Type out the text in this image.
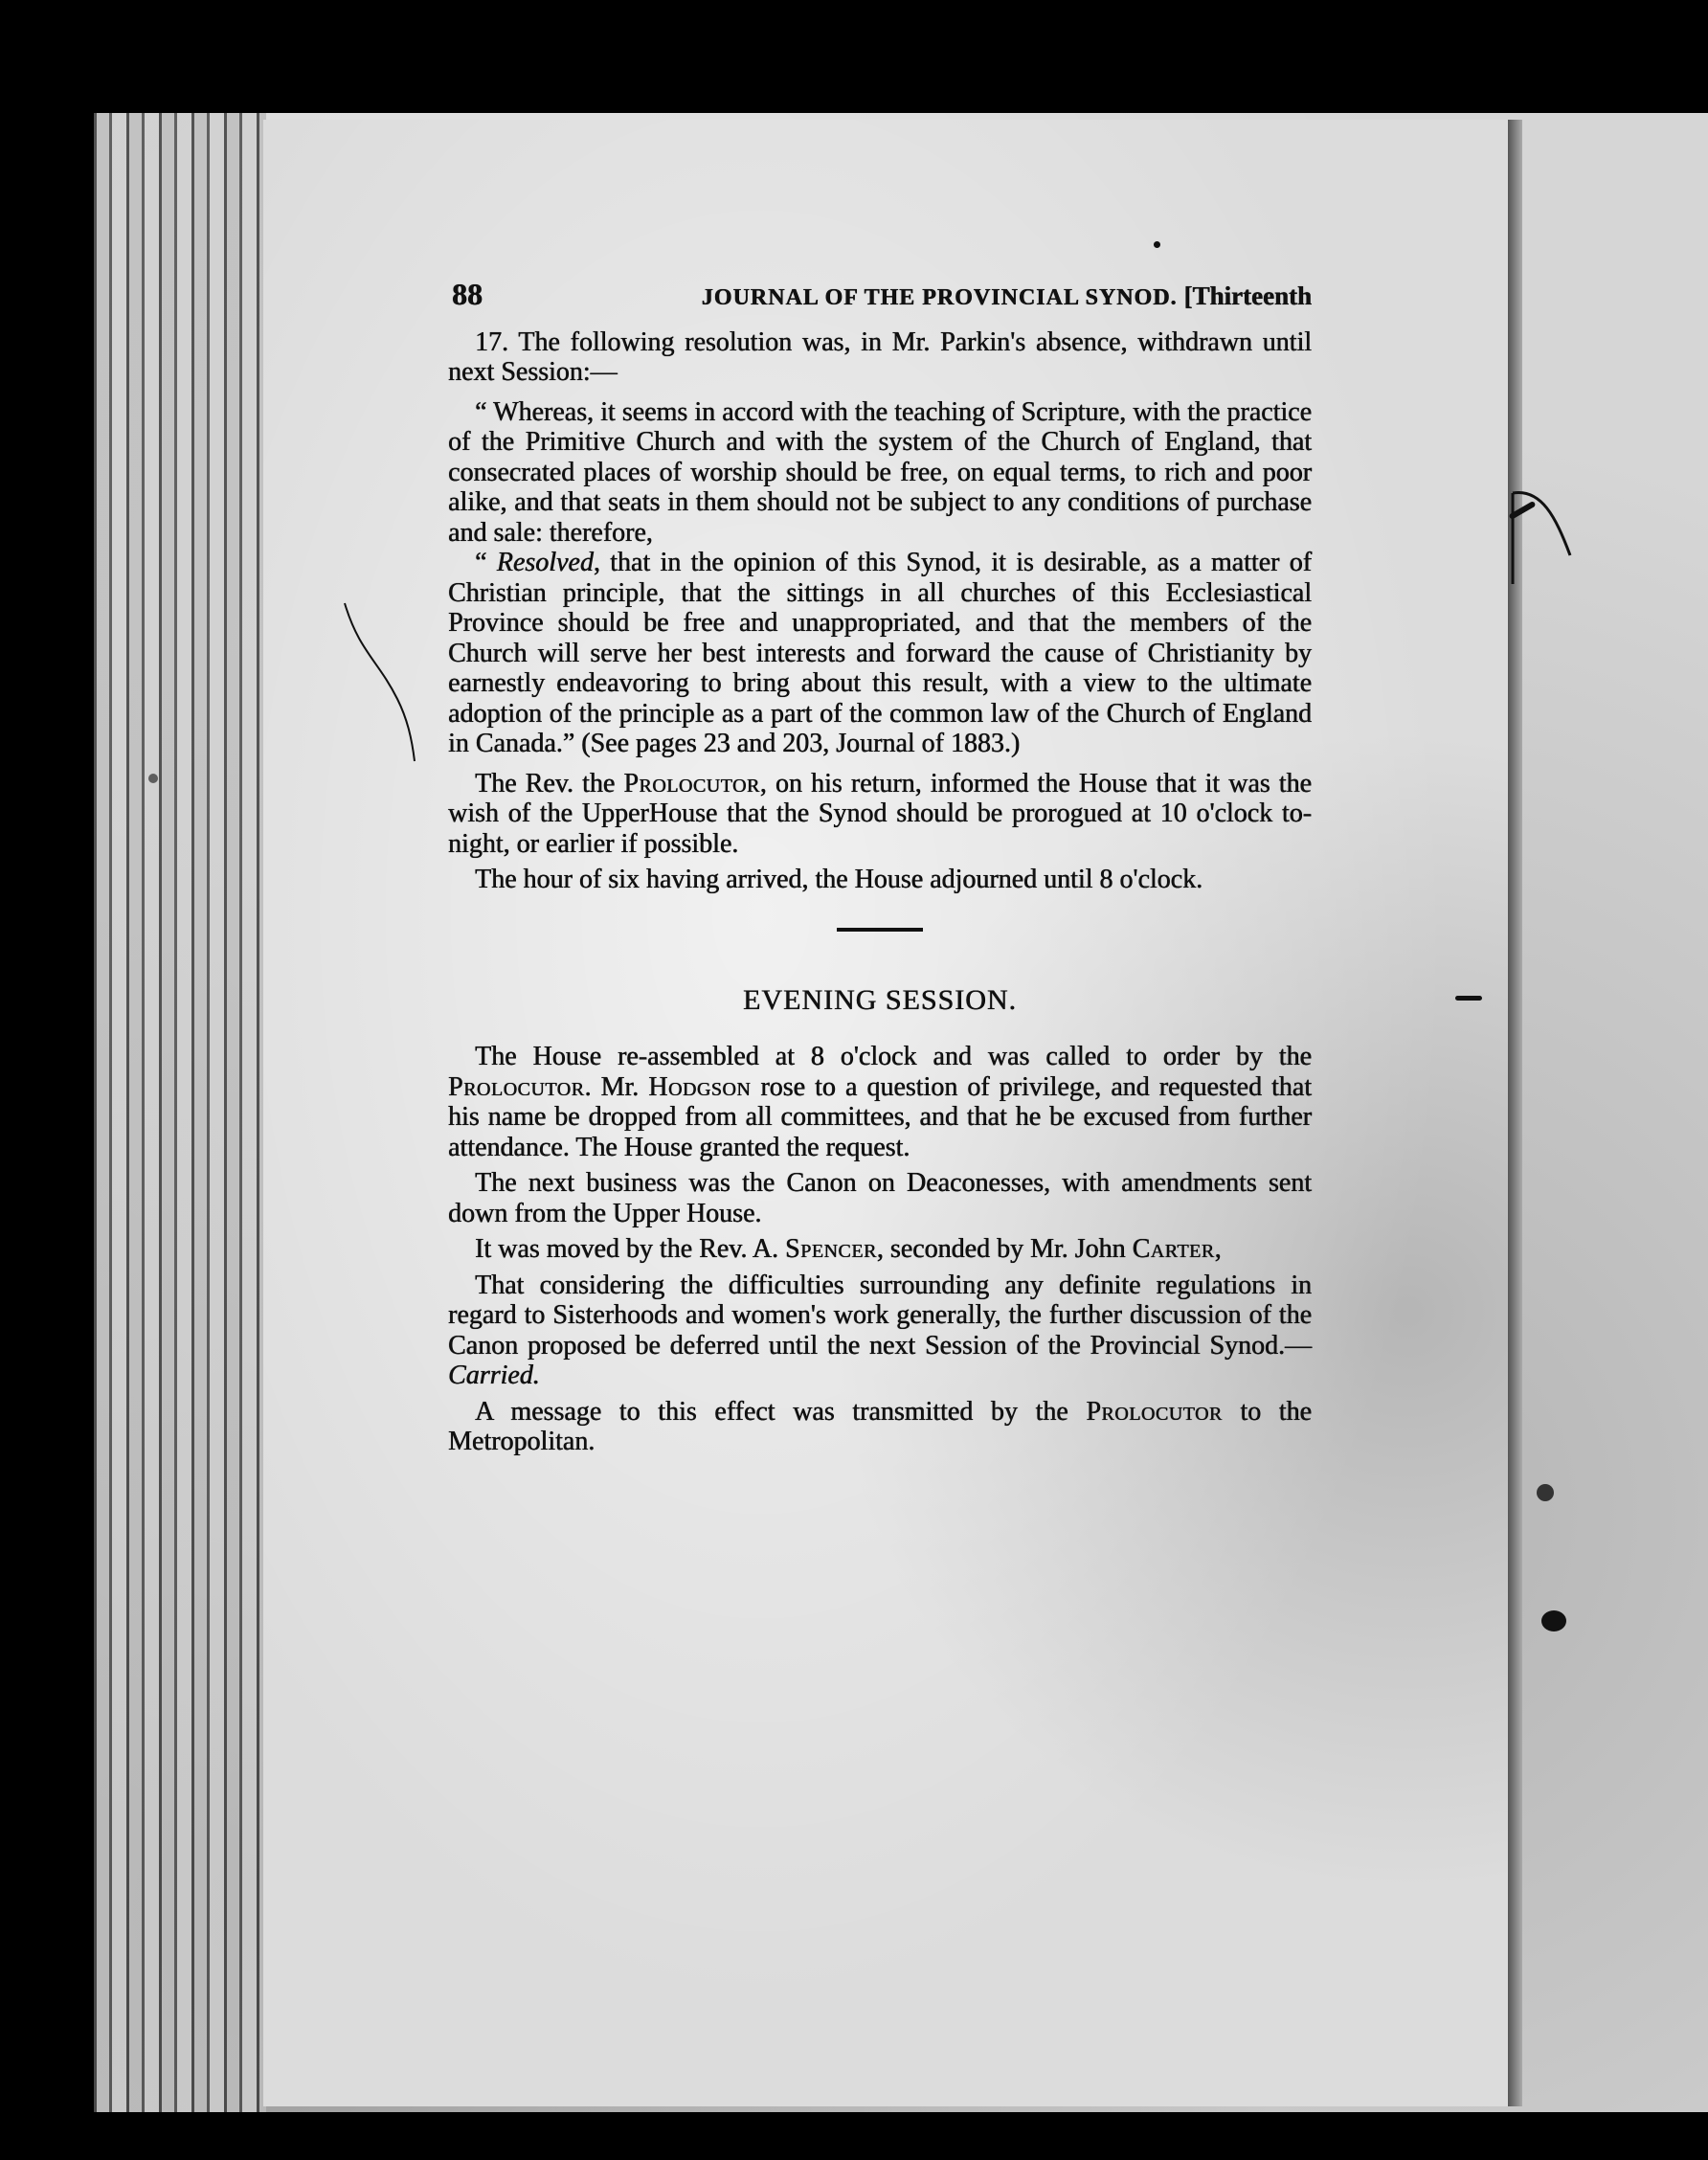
88	JOURNAL OF THE PROVINCIAL SYNOD. [Thirteenth

17. The following resolution was, in Mr. Parkin's absence, withdrawn until next Session:—

“ Whereas, it seems in accord with the teaching of Scripture, with the practice of the Primitive Church and with the system of the Church of England, that consecrated places of worship should be free, on equal terms, to rich and poor alike, and that seats in them should not be subject to any conditions of purchase and sale: therefore,

“ Resolved, that in the opinion of this Synod, it is desirable, as a matter of Christian principle, that the sittings in all churches of this Ecclesiastical Province should be free and unappropriated, and that the members of the Church will serve her best interests and forward the cause of Christianity by earnestly endeavoring to bring about this result, with a view to the ultimate adoption of the principle as a part of the common law of the Church of England in Canada.” (See pages 23 and 203, Journal of 1883.)

The Rev. the Prolocutor, on his return, informed the House that it was the wish of the UpperHouse that the Synod should be prorogued at 10 o'clock to-night, or earlier if possible.

The hour of six having arrived, the House adjourned until 8 o'clock.

EVENING SESSION.

The House re-assembled at 8 o'clock and was called to order by the Prolocutor. Mr. Hodgson rose to a question of privilege, and requested that his name be dropped from all committees, and that he be excused from further attendance. The House granted the request.

The next business was the Canon on Deaconesses, with amendments sent down from the Upper House.

It was moved by the Rev. A. Spencer, seconded by Mr. John Carter,

That considering the difficulties surrounding any definite regulations in regard to Sisterhoods and women's work generally, the further discussion of the Canon proposed be deferred until the next Session of the Provincial Synod.—Carried.

A message to this effect was transmitted by the Prolocutor to the Metropolitan.
